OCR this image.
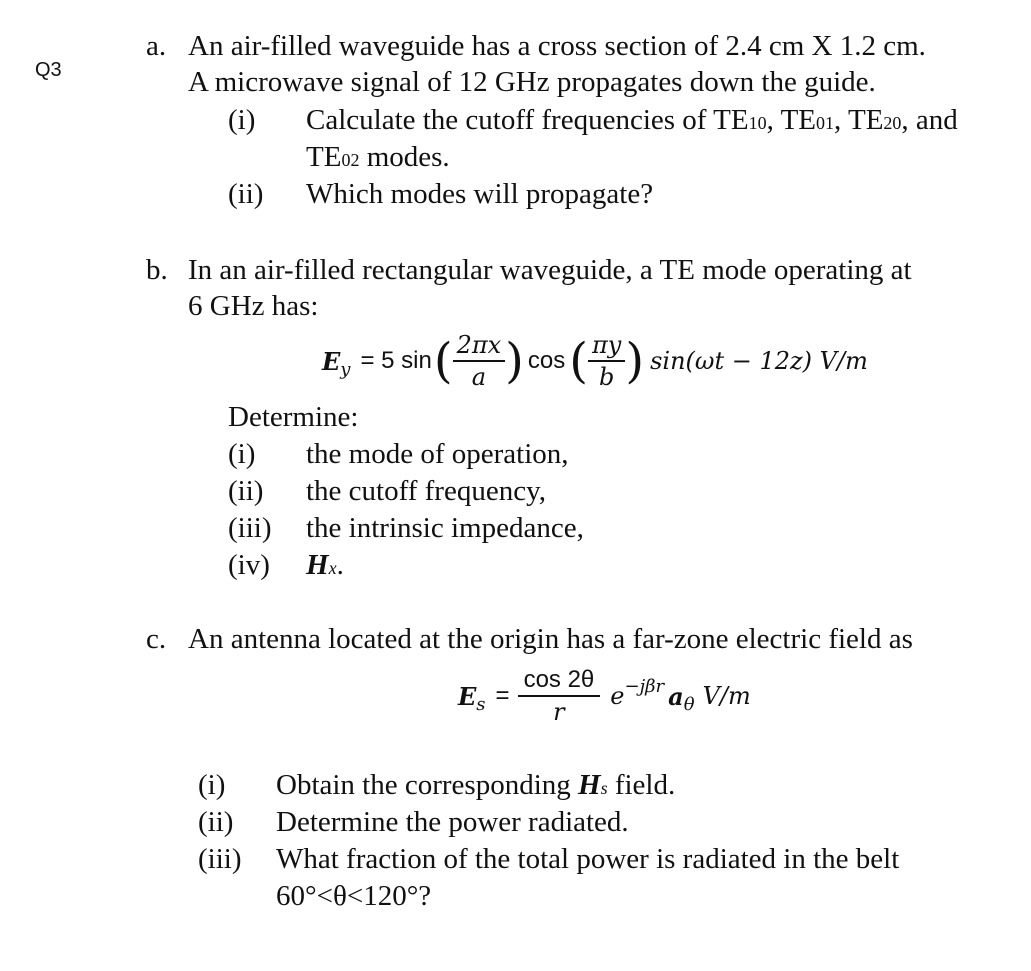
Q3
a. An air-filled waveguide has a cross section of 2.4 cm X 1.2 cm.
A microwave signal of 12 GHz propagates down the guide.
(i) Calculate the cutoff frequencies of TE10, TE01, TE20, and
TE02 modes.
(ii) Which modes will propagate?
b. In an air-filled rectangular waveguide, a TE mode operating at
6 GHz has:
E y = 5 sin ( $\frac{2\pi x}{a}$ ) cos ( $\frac{\pi y}{b}$ ) sin(ωt − 12z) V/m
Determine:
(i) the mode of operation,
(ii) the cutoff frequency,
(iii) the intrinsic impedance,
(iv) Hx.
c. An antenna located at the origin has a far-zone electric field as
E $s = \frac{\cos 2\theta}{r} e^{-j\beta r}$ a θ V/m
(i) Obtain the corresponding Hs field.
(ii) Determine the power radiated.
(iii) What fraction of the total power is radiated in the belt
60°<θ<120°?
